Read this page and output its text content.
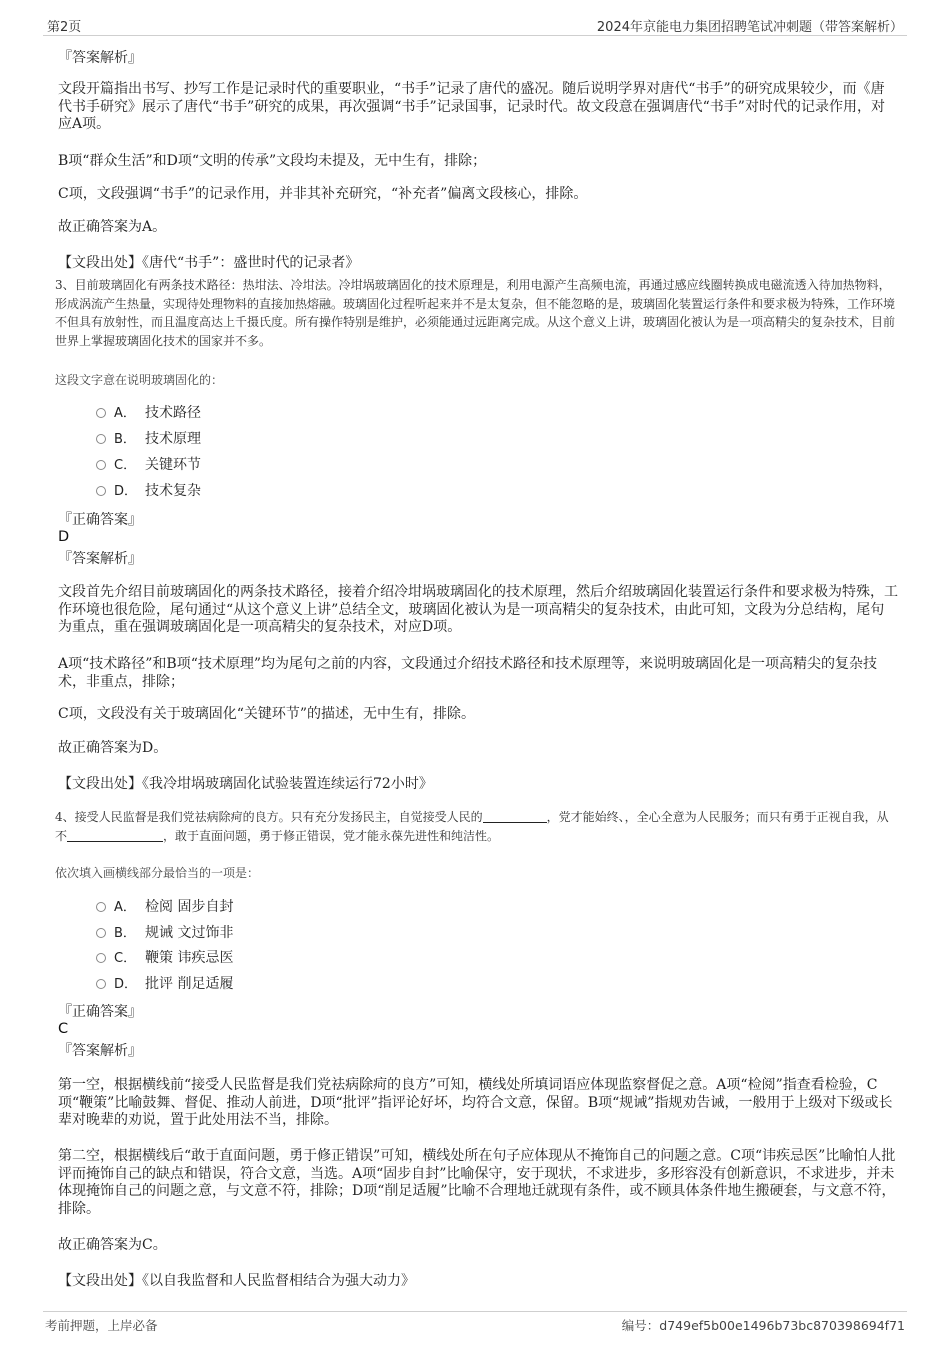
第2页	2024年京能电力集团招聘笔试冲刺题（带答案解析）
『答案解析』
文段开篇指出书写、抄写工作是记录时代的重要职业，“书手”记录了唐代的盛况。随后说明学界对唐代“书手”的研究成果较少，而《唐代书手研究》展示了唐代“书手”研究的成果，再次强调“书手”记录国事，记录时代。故文段意在强调唐代“书手”对时代的记录作用，对应A项。
B项“群众生活”和D项“文明的传承”文段均未提及，无中生有，排除；
C项，文段强调“书手”的记录作用，并非其补充研究，“补充者”偏离文段核心，排除。
故正确答案为A。
【文段出处】《唐代“书手”：盛世时代的记录者》
3、目前玻璃固化有两条技术路径：热坩法、冷坩法。冷坩埚玻璃固化的技术原理是，利用电源产生高频电流，再通过感应线圈转换成电磁流透入待加热物料，形成涡流产生热量，实现待处理物料的直接加热熔融。玻璃固化过程听起来并不是太复杂，但不能忽略的是，玻璃固化装置运行条件和要求极为特殊，工作环境不但具有放射性，而且温度高达上千摄氏度。所有操作特别是维护，必须能通过远距离完成。从这个意义上讲，玻璃固化被认为是一项高精尖的复杂技术，目前世界上掌握玻璃固化技术的国家并不多。
这段文字意在说明玻璃固化的：
A． 技术路径
B． 技术原理
C． 关键环节
D． 技术复杂
『正确答案』
D
『答案解析』
文段首先介绍目前玻璃固化的两条技术路径，接着介绍冷坩埚玻璃固化的技术原理，然后介绍玻璃固化装置运行条件和要求极为特殊，工作环境也很危险，尾句通过“从这个意义上讲”总结全文，玻璃固化被认为是一项高精尖的复杂技术，由此可知，文段为分总结构，尾句为重点，重在强调玻璃固化是一项高精尖的复杂技术，对应D项。
A项“技术路径”和B项“技术原理”均为尾句之前的内容，文段通过介绍技术路径和技术原理等，来说明玻璃固化是一项高精尖的复杂技术，非重点，排除；
C项，文段没有关于玻璃固化“关键环节”的描述，无中生有，排除。
故正确答案为D。
【文段出处】《我冷坩埚玻璃固化试验装置连续运行72小时》
4、接受人民监督是我们党祛病除疴的良方。只有充分发扬民主，自觉接受人民的	，党才能始终、，全心全意为人民服务；而只有勇于正视自我，从不	，敢于直面问题，勇于修正错误，党才能永葆先进性和纯洁性。
依次填入画横线部分最恰当的一项是：
A． 检阅 固步自封
B． 规诫 文过饰非
C． 鞭策 讳疾忌医
D． 批评 削足适履
『正确答案』
C
『答案解析』
第一空，根据横线前“接受人民监督是我们党祛病除疴的良方”可知，横线处所填词语应体现监察督促之意。A项“检阅”指查看检验，C项“鞭策”比喻鼓舞、督促、推动人前进，D项“批评”指评论好坏，均符合文意，保留。B项“规诫”指规劝告诫，一般用于上级对下级或长辈对晚辈的劝说，置于此处用法不当，排除。
第二空，根据横线后“敢于直面问题，勇于修正错误”可知，横线处所在句子应体现从不掩饰自己的问题之意。C项“讳疾忌医”比喻怕人批评而掩饰自己的缺点和错误，符合文意，当选。A项“固步自封”比喻保守，安于现状，不求进步，多形容没有创新意识，不求进步，并未体现掩饰自己的问题之意，与文意不符，排除；D项“削足适履”比喻不合理地迁就现有条件，或不顾具体条件地生搬硬套，与文意不符，排除。
故正确答案为C。
【文段出处】《以自我监督和人民监督相结合为强大动力》
考前押题，上岸必备	编号：d749ef5b00e1496b73bc870398694f71
